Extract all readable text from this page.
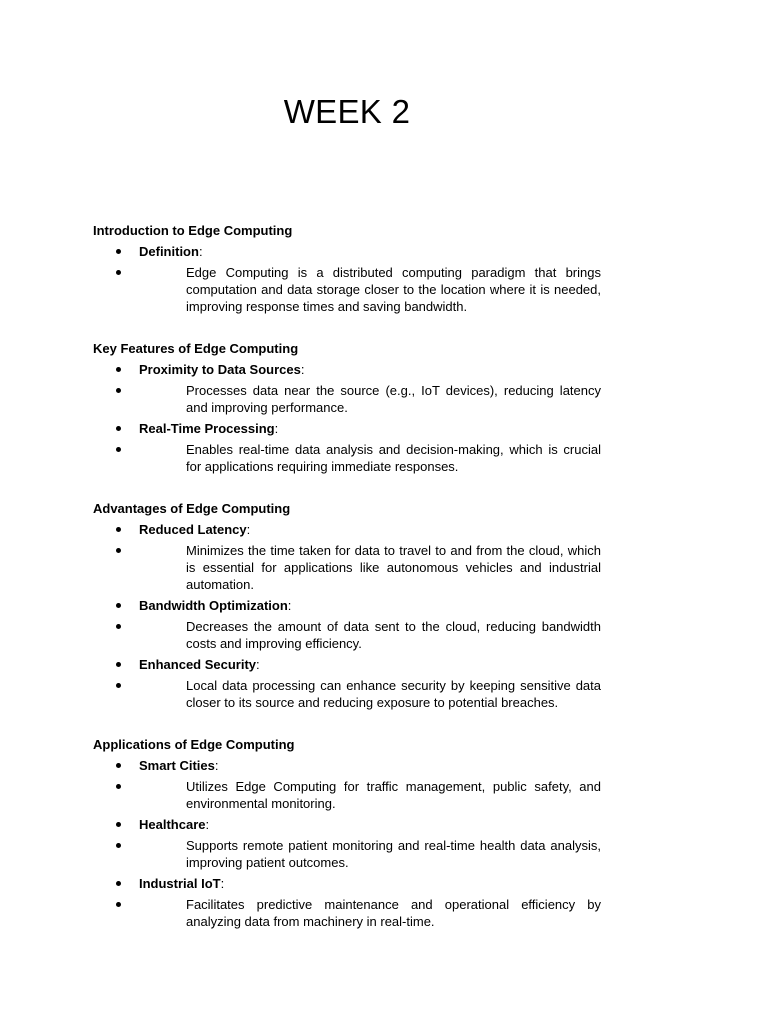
WEEK 2
Introduction to Edge Computing
Definition:

Edge Computing is a distributed computing paradigm that brings computation and data storage closer to the location where it is needed, improving response times and saving bandwidth.

Key Features of Edge Computing
Proximity to Data Sources:

Processes data near the source (e.g., IoT devices), reducing latency and improving performance.

Real-Time Processing:

Enables real-time data analysis and decision-making, which is crucial for applications requiring immediate responses.

Advantages of Edge Computing
Reduced Latency:

Minimizes the time taken for data to travel to and from the cloud, which is essential for applications like autonomous vehicles and industrial automation.

Bandwidth Optimization:

Decreases the amount of data sent to the cloud, reducing bandwidth costs and improving efficiency.

Enhanced Security:

Local data processing can enhance security by keeping sensitive data closer to its source and reducing exposure to potential breaches.

Applications of Edge Computing
Smart Cities:

Utilizes Edge Computing for traffic management, public safety, and environmental monitoring.

Healthcare:

Supports remote patient monitoring and real-time health data analysis, improving patient outcomes.

Industrial IoT:

Facilitates predictive maintenance and operational efficiency by analyzing data from machinery in real-time.
